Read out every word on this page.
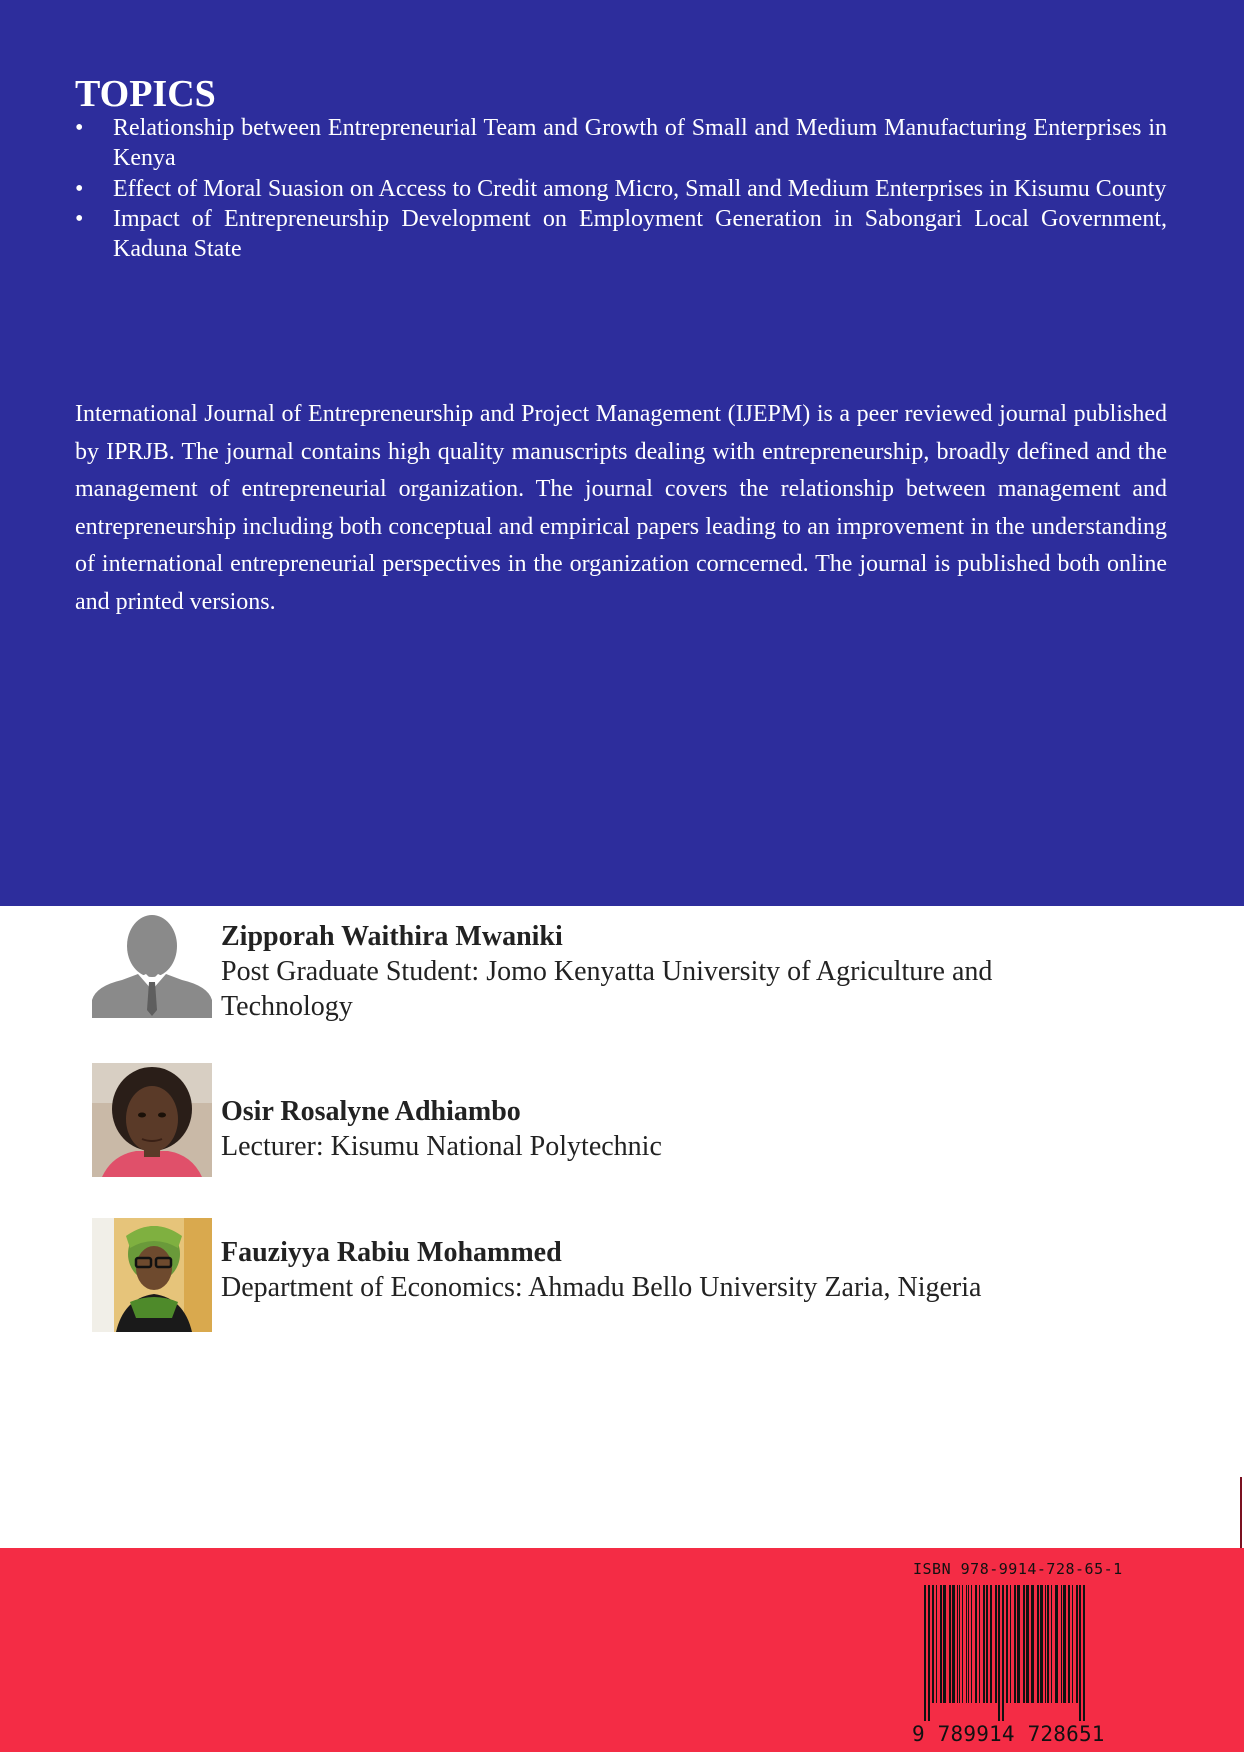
TOPICS
•	Relationship between Entrepreneurial Team and Growth of Small and Medium Manufacturing Enterprises in Kenya
•	Effect of Moral Suasion on Access to Credit among Micro, Small and Medium Enterprises in Kisumu County
•	Impact of Entrepreneurship Development on Employment Generation in Sabongari Local Government, Kaduna State

International Journal of Entrepreneurship and Project Management (IJEPM) is a peer reviewed journal published by IPRJB. The journal contains high quality manuscripts dealing with entrepreneurship, broadly defined and the management of entrepreneurial organization. The journal covers the relationship between management and entrepreneurship including both conceptual and empirical papers leading to an improvement in the understanding of international entrepreneurial perspectives in the organization corncerned. The journal is published both online and printed versions.

Zipporah Waithira Mwaniki
Post Graduate Student: Jomo Kenyatta University of Agriculture and Technology
Osir Rosalyne Adhiambo
Lecturer: Kisumu National Polytechnic
Fauziyya Rabiu Mohammed
Department of Economics: Ahmadu Bello University Zaria, Nigeria
ISBN 978-9914-728-65-1
9 789914 728651
